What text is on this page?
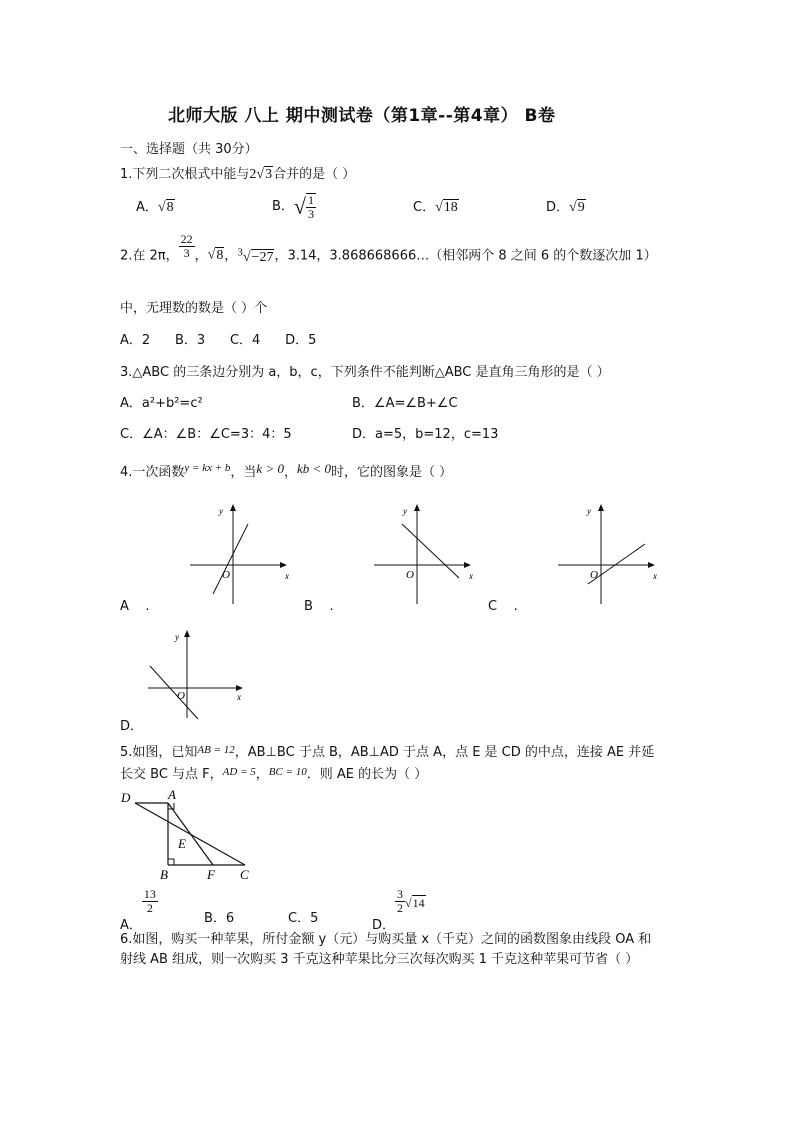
北师大版 八上 期中测试卷（第1章--第4章） B卷
一、选择题（共 30分）
1.下列二次根式中能与2√3合并的是（ ）
A．√8	B．√ $\frac{1}{3}$	C．√18	D．√9
2.在 2π， $\frac{22}{3}$ ，√8，$^3$√−27，3.14，3.868668666…（相邻两个 8 之间 6 的个数逐次加 1）
中，无理数的数是（ ）个
A．2      B．3      C．4      D．5
3.△ABC 的三条边分别为 a，b，c，下列条件不能判断△ABC 是直角三角形的是（ ）
A．a²+b²=c²	B．∠A=∠B+∠C
C．∠A：∠B：∠C=3：4：5	D．a=5，b=12，c=13
4.一次函数$^{y = kx + b}$，当k > 0，kb < 0时，它的图象是（ ）
y
x
O
y
x
O
y
x
O
A    .	B    .	C    .
y
x
O
D．
5.如图，已知$^{AB = 12}$，AB⊥BC 于点 B，AB⊥AD 于点 A，点 E 是 CD 的中点，连接 AE 并延
长交 BC 与点 F，$^{AD = 5}$，$^{BC = 10}$．则 AE 的长为（ ）
D	A
E
B	F C
A．
$\frac{13}{2}$
B．6	C．5	D．
$\frac{3}{2} √14$
6.如图，购买一种苹果，所付金额 y（元）与购买量 x（千克）之间的函数图象由线段 OA 和
射线 AB 组成，则一次购买 3 千克这种苹果比分三次每次购买 1 千克这种苹果可节省（ ）
